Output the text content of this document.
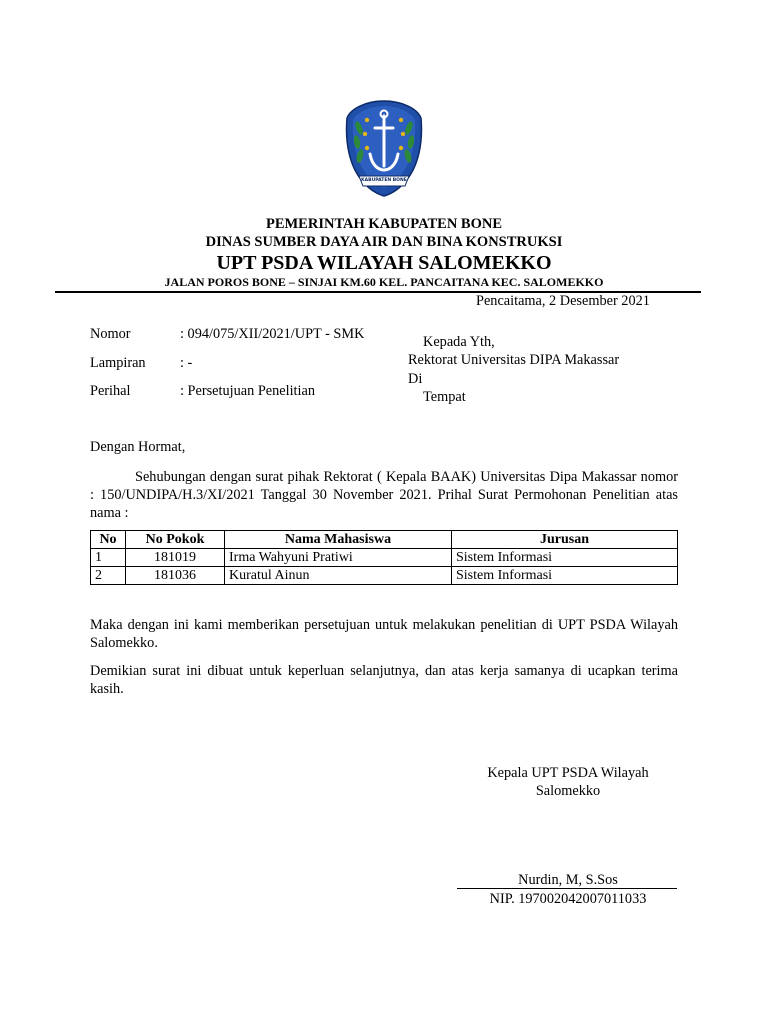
KABUPATEN BONE
PEMERINTAH KABUPATEN BONE
DINAS SUMBER DAYA AIR DAN BINA KONSTRUKSI
UPT PSDA WILAYAH SALOMEKKO
JALAN POROS BONE – SINJAI KM.60 KEL. PANCAITANA KEC. SALOMEKKO
Pencaitama, 2 Desember 2021
Nomor	: 094/075/XII/2021/UPT - SMK
Lampiran : -
Perihal	: Persetujuan Penelitian
Kepada Yth,
Rektorat Universitas DIPA Makassar
Di
Tempat
Dengan Hormat,
Sehubungan dengan surat pihak Rektorat ( Kepala BAAK) Universitas Dipa Makassar nomor : 150/UNDIPA/H.3/XI/2021 Tanggal 30 November 2021. Prihal Surat Permohonan Penelitian atas nama :
No	No Pokok	Nama Mahasiswa	Jurusan
1	181019	Irma Wahyuni Pratiwi	Sistem Informasi
2	181036	Kuratul Ainun	Sistem Informasi
Maka dengan ini kami memberikan persetujuan untuk melakukan penelitian di UPT PSDA Wilayah Salomekko.
Demikian surat ini dibuat untuk keperluan selanjutnya, dan atas kerja samanya di ucapkan terima kasih.
Kepala UPT PSDA Wilayah
Salomekko
Nurdin, M, S.Sos
NIP. 197002042007011033
